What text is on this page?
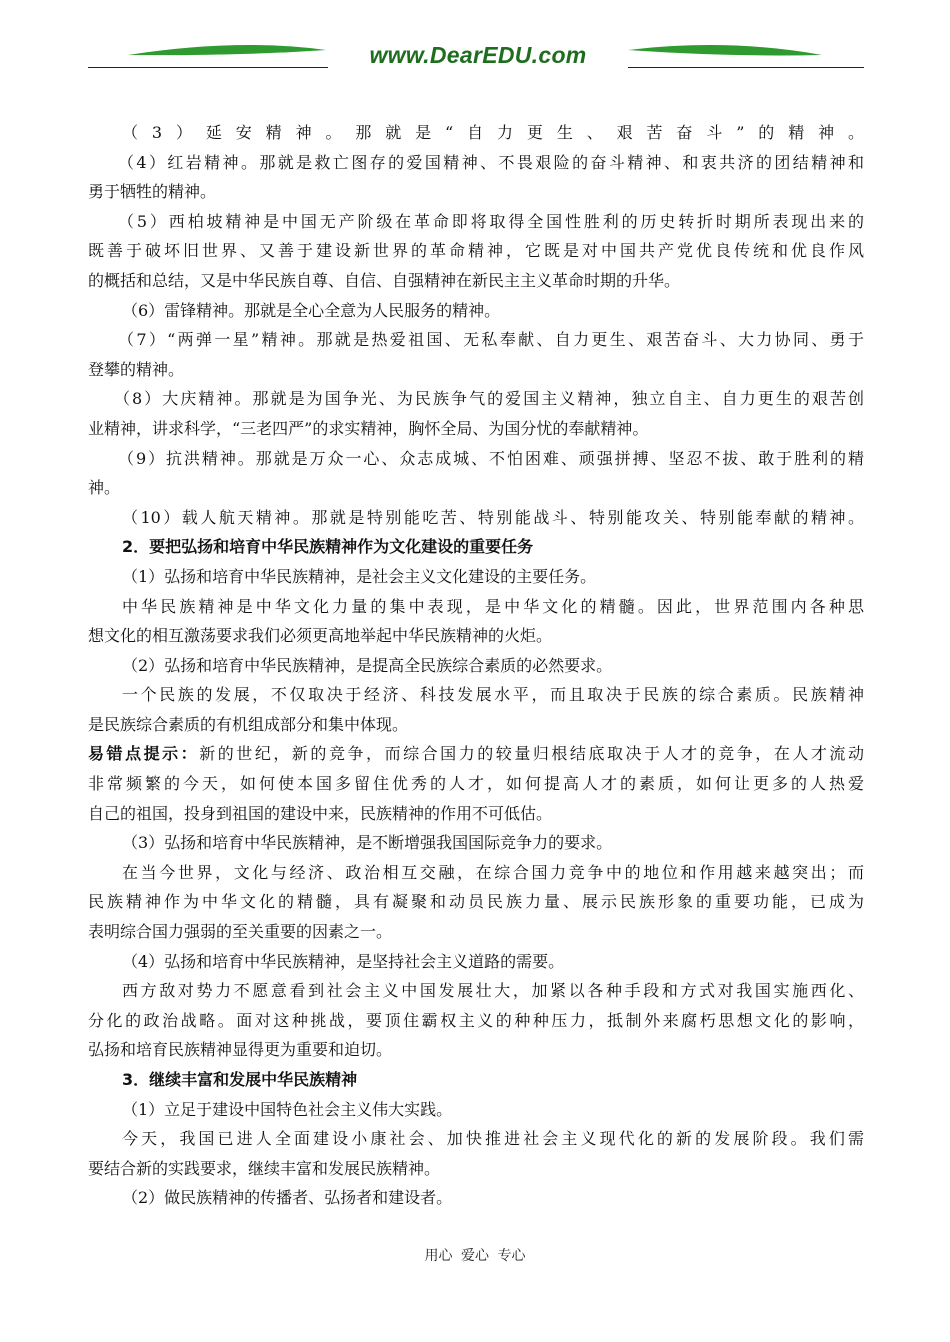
www.DearEDU.com
（3）延安精神。那就是“自力更生、艰苦奋斗”的精神。
（4）红岩精神。那就是救亡图存的爱国精神、不畏艰险的奋斗精神、和衷共济的团结精神和
勇于牺牲的精神。
（5）西柏坡精神是中国无产阶级在革命即将取得全国性胜利的历史转折时期所表现出来的
既善于破坏旧世界、又善于建设新世界的革命精神，它既是对中国共产党优良传统和优良作风
的概括和总结，又是中华民族自尊、自信、自强精神在新民主主义革命时期的升华。
（6）雷锋精神。那就是全心全意为人民服务的精神。
（7）“两弹一星”精神。那就是热爱祖国、无私奉献、自力更生、艰苦奋斗、大力协同、勇于
登攀的精神。
（8）大庆精神。那就是为国争光、为民族争气的爱国主义精神，独立自主、自力更生的艰苦创
业精神，讲求科学，“三老四严”的求实精神，胸怀全局、为国分忧的奉献精神。
（9）抗洪精神。那就是万众一心、众志成城、不怕困难、顽强拼搏、坚忍不拔、敢于胜利的精
神。
（10）载人航天精神。那就是特别能吃苦、特别能战斗、特别能攻关、特别能奉献的精神。
2．要把弘扬和培育中华民族精神作为文化建设的重要任务
（1）弘扬和培育中华民族精神，是社会主义文化建设的主要任务。
中华民族精神是中华文化力量的集中表现，是中华文化的精髓。因此，世界范围内各种思
想文化的相互激荡要求我们必须更高地举起中华民族精神的火炬。
（2）弘扬和培育中华民族精神，是提高全民族综合素质的必然要求。
一个民族的发展，不仅取决于经济、科技发展水平，而且取决于民族的综合素质。民族精神
是民族综合素质的有机组成部分和集中体现。
易错点提示：新的世纪，新的竞争，而综合国力的较量归根结底取决于人才的竞争，在人才流动
非常频繁的今天，如何使本国多留住优秀的人才，如何提高人才的素质，如何让更多的人热爱
自己的祖国，投身到祖国的建设中来，民族精神的作用不可低估。
（3）弘扬和培育中华民族精神，是不断增强我国国际竞争力的要求。
在当今世界，文化与经济、政治相互交融，在综合国力竞争中的地位和作用越来越突出；而
民族精神作为中华文化的精髓，具有凝聚和动员民族力量、展示民族形象的重要功能，已成为
表明综合国力强弱的至关重要的因素之一。
（4）弘扬和培育中华民族精神，是坚持社会主义道路的需要。
西方敌对势力不愿意看到社会主义中国发展壮大，加紧以各种手段和方式对我国实施西化、
分化的政治战略。面对这种挑战，要顶住霸权主义的种种压力，抵制外来腐朽思想文化的影响，
弘扬和培育民族精神显得更为重要和迫切。
3．继续丰富和发展中华民族精神
（1）立足于建设中国特色社会主义伟大实践。
今天，我国已进人全面建设小康社会、加快推进社会主义现代化的新的发展阶段。我们需
要结合新的实践要求，继续丰富和发展民族精神。
（2）做民族精神的传播者、弘扬者和建设者。
用心 爱心 专心
